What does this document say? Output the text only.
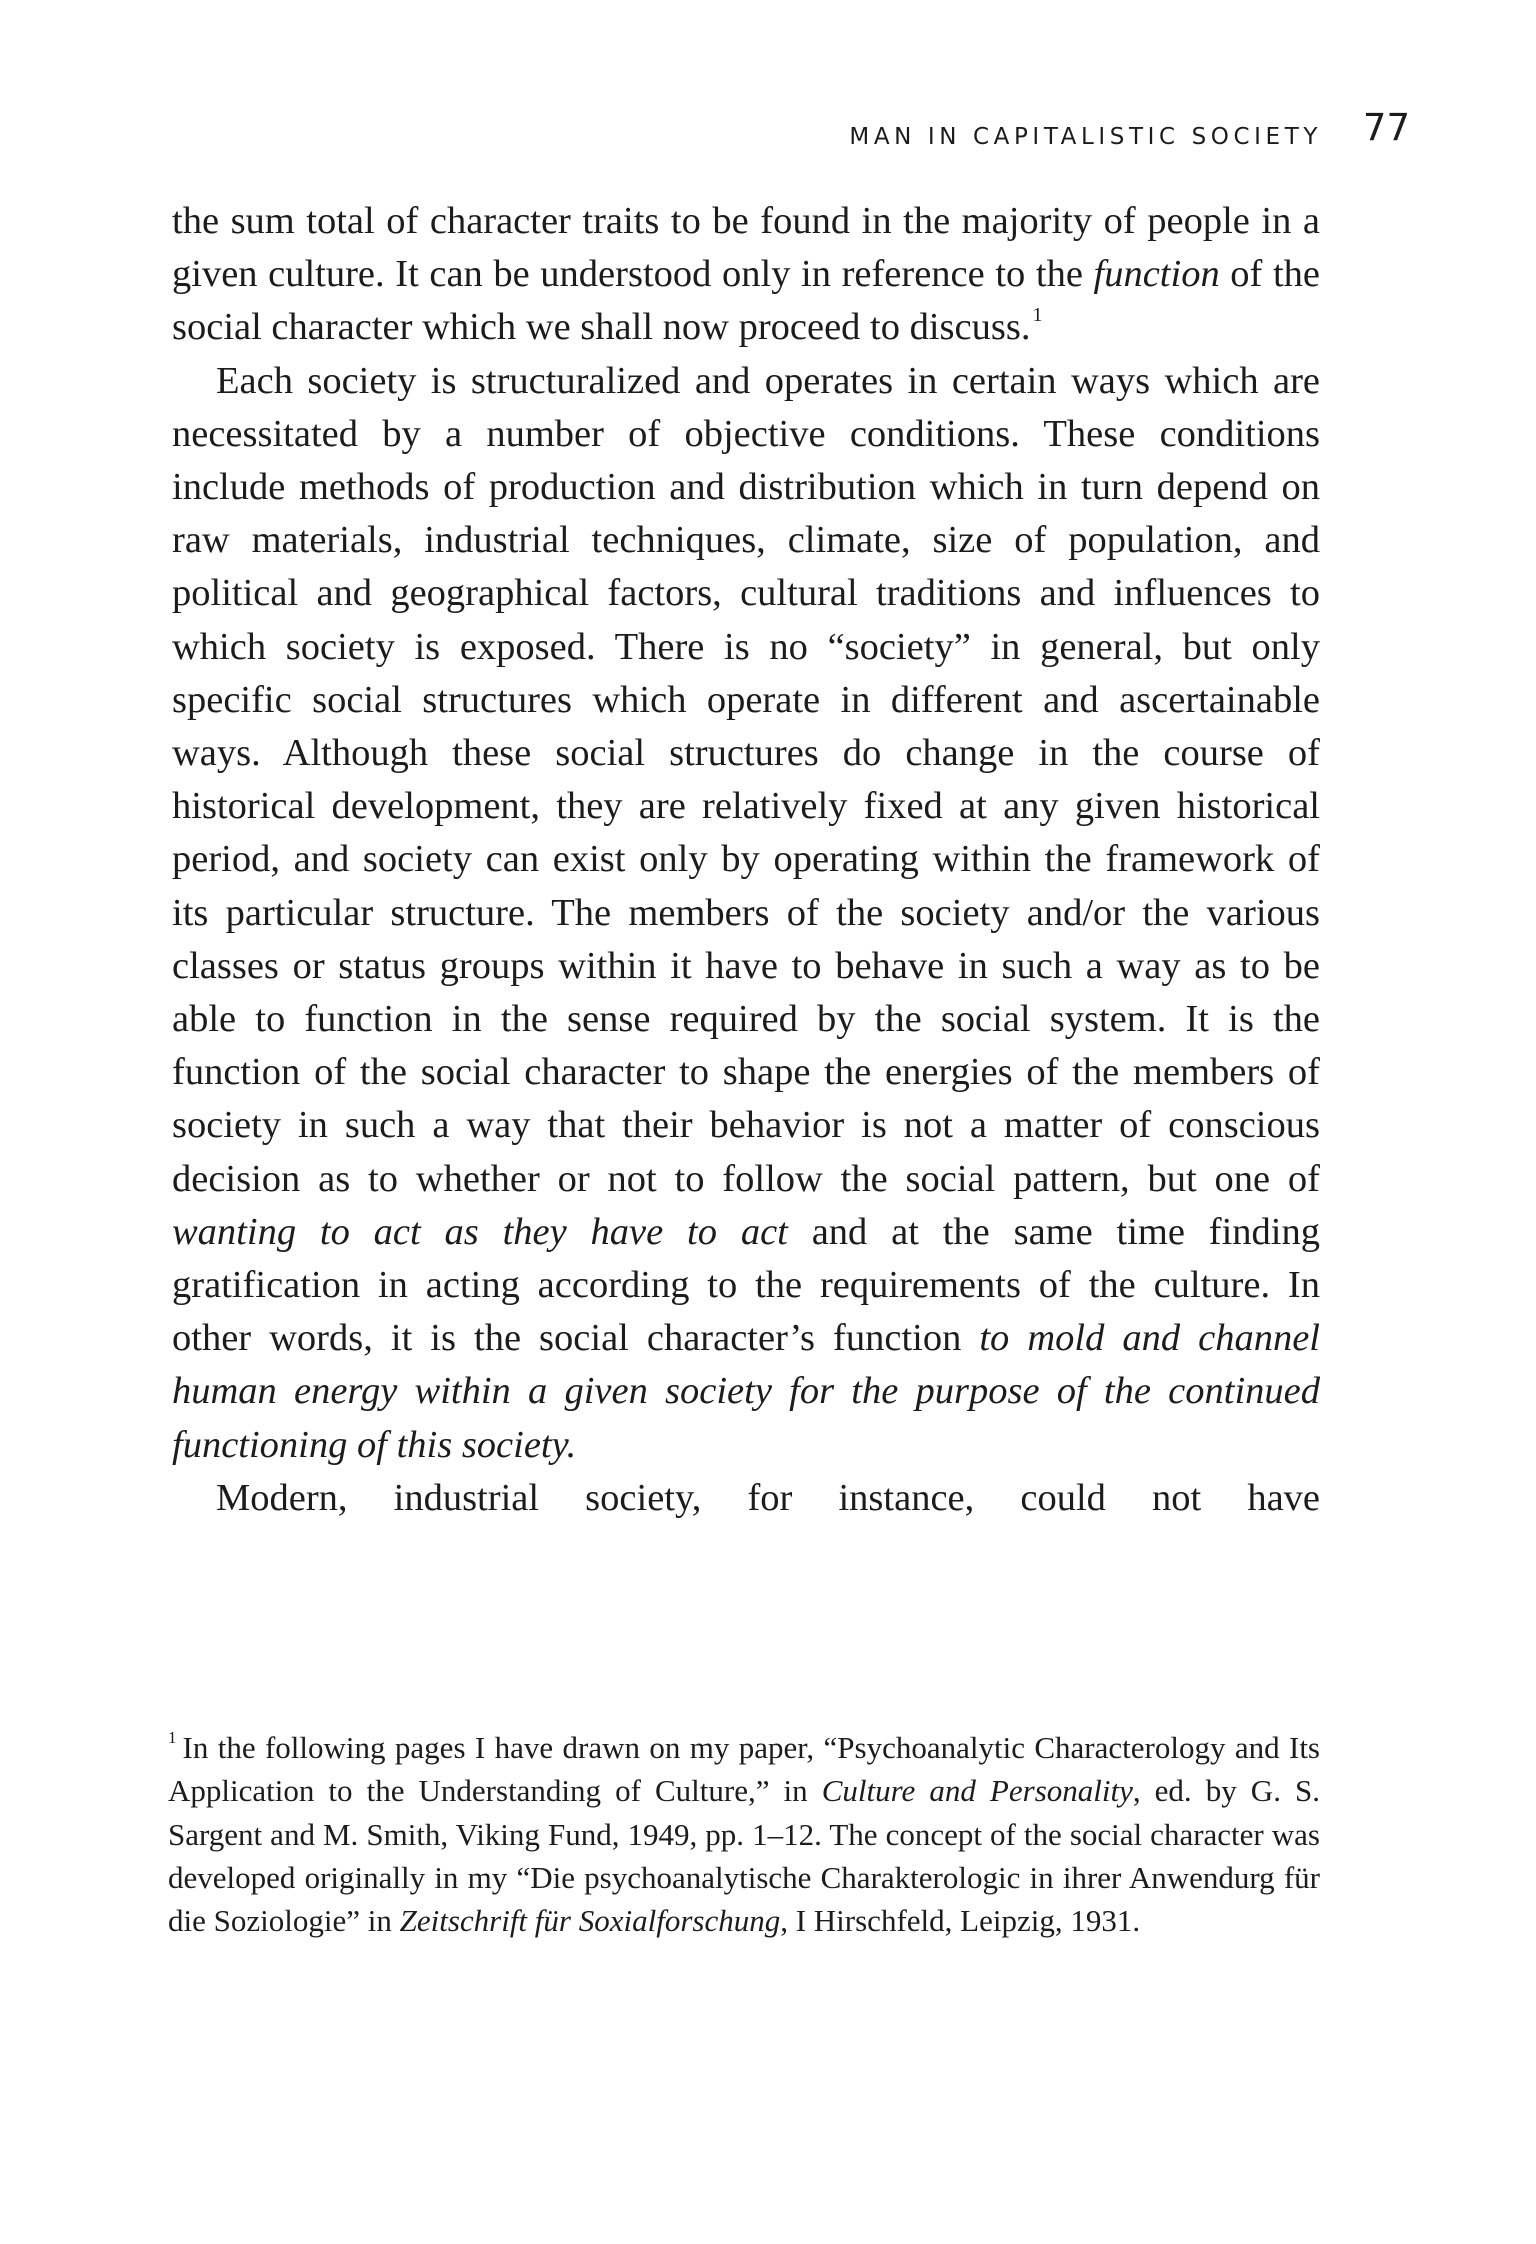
MAN IN CAPITALISTIC SOCIETY 77

the sum total of character traits to be found in the majority of people in a given culture. It can be understood only in reference to the function of the social character which we shall now proceed to discuss. $^1$

Each society is structuralized and operates in certain ways which are necessitated by a number of objective conditions. These conditions include methods of production and distribution which in turn depend on raw materials, industrial techniques, climate, size of population, and political and geographical factors, cultural traditions and influences to which society is exposed. There is no “society” in general, but only specific social structures which operate in different and ascertainable ways. Although these social structures do change in the course of historical development, they are relatively fixed at any given historical period, and society can exist only by operating within the framework of its particular structure. The members of the society and/or the various classes or status groups within it have to behave in such a way as to be able to function in the sense required by the social system. It is the function of the social character to shape the energies of the members of society in such a way that their behavior is not a matter of conscious decision as to whether or not to follow the social pattern, but one of wanting to act as they have to act and at the same time finding gratification in acting according to the requirements of the culture. In other words, it is the social character’s function to mold and channel human energy within a given society for the purpose of the continued functioning of this society.

Modern, industrial society, for instance, could not have

$^1$ In the following pages I have drawn on my paper, “Psychoanalytic Characterology and Its Application to the Understanding of Culture,” in Culture and Personality, ed. by G. S. Sargent and M. Smith, Viking Fund, 1949, pp. 1–12. The concept of the social character was developed originally in my “Die psychoanalytische Charakterologic in ihrer Anwendurg für die Soziologie” in Zeitschrift für Soxialforschung, I Hirschfeld, Leipzig, 1931.
